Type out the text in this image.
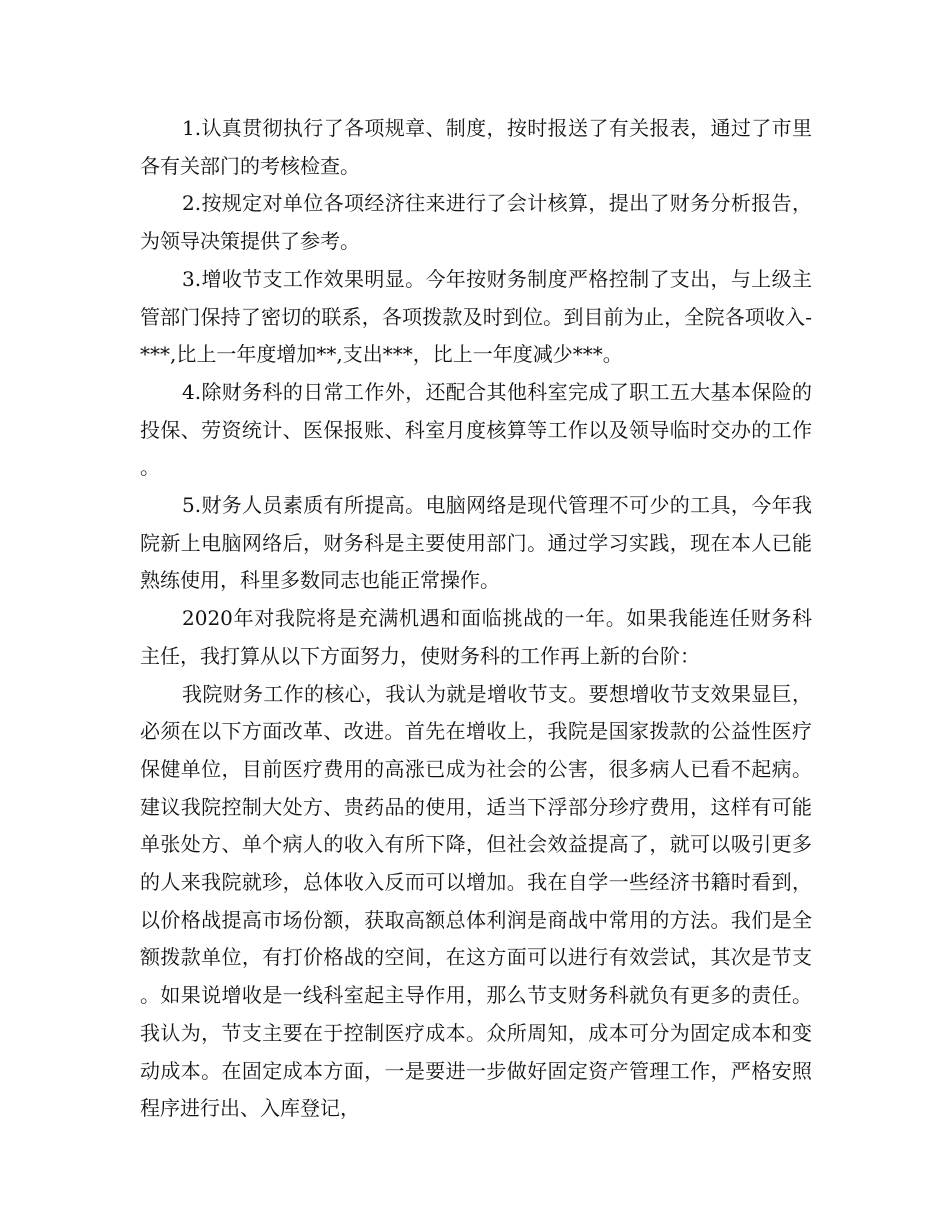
1.认真贯彻执行了各项规章、制度，按时报送了有关报表，通过了市里各有关部门的考核检查。

2.按规定对单位各项经济往来进行了会计核算，提出了财务分析报告，为领导决策提供了参考。

3.增收节支工作效果明显。今年按财务制度严格控制了支出，与上级主管部门保持了密切的联系，各项拨款及时到位。到目前为止，全院各项收入-***,比上一年度增加**,支出***，比上一年度减少***。

4.除财务科的日常工作外，还配合其他科室完成了职工五大基本保险的投保、劳资统计、医保报账、科室月度核算等工作以及领导临时交办的工作。

5.财务人员素质有所提高。电脑网络是现代管理不可少的工具，今年我院新上电脑网络后，财务科是主要使用部门。通过学习实践，现在本人已能熟练使用，科里多数同志也能正常操作。

2020年对我院将是充满机遇和面临挑战的一年。如果我能连任财务科主任，我打算从以下方面努力，使财务科的工作再上新的台阶：

我院财务工作的核心，我认为就是增收节支。要想增收节支效果显巨，必须在以下方面改革、改进。首先在增收上，我院是国家拨款的公益性医疗保健单位，目前医疗费用的高涨已成为社会的公害，很多病人已看不起病。建议我院控制大处方、贵药品的使用，适当下浮部分珍疗费用，这样有可能单张处方、单个病人的收入有所下降，但社会效益提高了，就可以吸引更多的人来我院就珍，总体收入反而可以增加。我在自学一些经济书籍时看到，以价格战提高市场份额，获取高额总体利润是商战中常用的方法。我们是全额拨款单位，有打价格战的空间，在这方面可以进行有效尝试，其次是节支。如果说增收是一线科室起主导作用，那么节支财务科就负有更多的责任。我认为，节支主要在于控制医疗成本。众所周知，成本可分为固定成本和变动成本。在固定成本方面，一是要进一步做好固定资产管理工作，严格安照程序进行出、入库登记，
